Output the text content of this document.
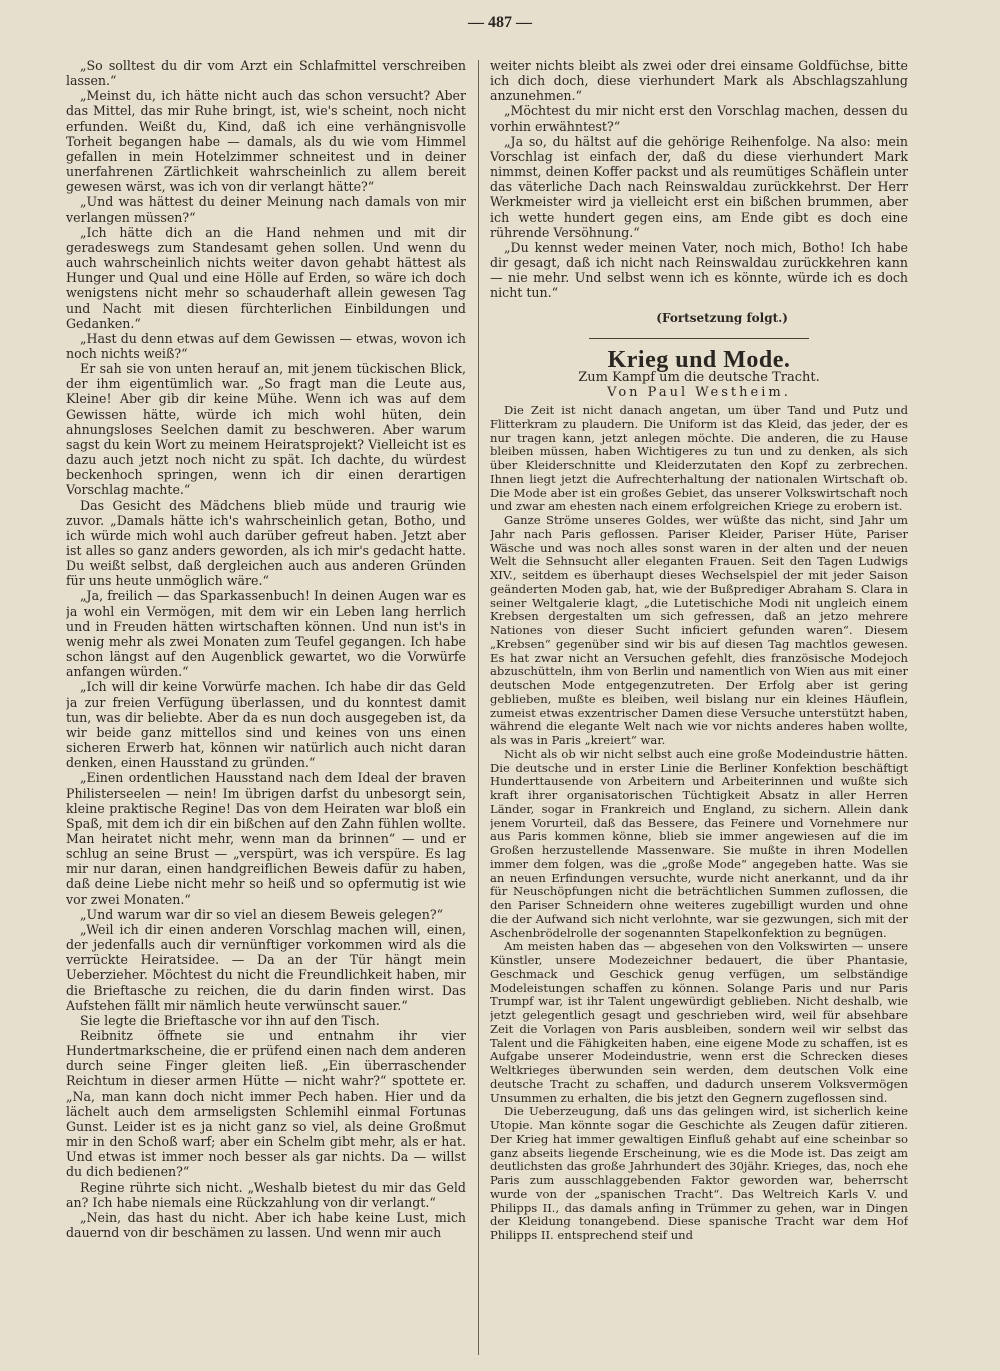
— 487 —

„So solltest du dir vom Arzt ein Schlafmittel verschreiben lassen.“

„Meinst du, ich hätte nicht auch das schon versucht? Aber das Mittel, das mir Ruhe bringt, ist, wie's scheint, noch nicht erfunden. Weißt du, Kind, daß ich eine verhängnisvolle Torheit begangen habe — damals, als du wie vom Himmel gefallen in mein Hotelzimmer schneitest und in deiner unerfahrenen Zärtlichkeit wahrscheinlich zu allem bereit gewesen wärst, was ich von dir verlangt hätte?“

„Und was hättest du deiner Meinung nach damals von mir verlangen müssen?“

„Ich hätte dich an die Hand nehmen und mit dir geradeswegs zum Standesamt gehen sollen. Und wenn du auch wahrscheinlich nichts weiter davon gehabt hättest als Hunger und Qual und eine Hölle auf Erden, so wäre ich doch wenigstens nicht mehr so schauderhaft allein gewesen Tag und Nacht mit diesen fürchterlichen Einbildungen und Gedanken.“

„Hast du denn etwas auf dem Gewissen — etwas, wovon ich noch nichts weiß?“

Er sah sie von unten herauf an, mit jenem tückischen Blick, der ihm eigentümlich war. „So fragt man die Leute aus, Kleine! Aber gib dir keine Mühe. Wenn ich was auf dem Gewissen hätte, würde ich mich wohl hüten, dein ahnungsloses Seelchen damit zu beschweren. Aber warum sagst du kein Wort zu meinem Heiratsprojekt? Vielleicht ist es dazu auch jetzt noch nicht zu spät. Ich dachte, du würdest beckenhoch springen, wenn ich dir einen derartigen Vorschlag machte.“

Das Gesicht des Mädchens blieb müde und traurig wie zuvor. „Damals hätte ich's wahrscheinlich getan, Botho, und ich würde mich wohl auch darüber gefreut haben. Jetzt aber ist alles so ganz anders geworden, als ich mir's gedacht hatte. Du weißt selbst, daß dergleichen auch aus anderen Gründen für uns heute unmöglich wäre.“

„Ja, freilich — das Sparkassenbuch! In deinen Augen war es ja wohl ein Vermögen, mit dem wir ein Leben lang herrlich und in Freuden hätten wirtschaften können. Und nun ist's in wenig mehr als zwei Monaten zum Teufel gegangen. Ich habe schon längst auf den Augenblick gewartet, wo die Vorwürfe anfangen würden.“

„Ich will dir keine Vorwürfe machen. Ich habe dir das Geld ja zur freien Verfügung überlassen, und du konntest damit tun, was dir beliebte. Aber da es nun doch ausgegeben ist, da wir beide ganz mittellos sind und keines von uns einen sicheren Erwerb hat, können wir natürlich auch nicht daran denken, einen Hausstand zu gründen.“

„Einen ordentlichen Hausstand nach dem Ideal der braven Philisterseelen — nein! Im übrigen darfst du unbesorgt sein, kleine praktische Regine! Das von dem Heiraten war bloß ein Spaß, mit dem ich dir ein bißchen auf den Zahn fühlen wollte. Man heiratet nicht mehr, wenn man da brinnen“ — und er schlug an seine Brust — „verspürt, was ich verspüre. Es lag mir nur daran, einen handgreiflichen Beweis dafür zu haben, daß deine Liebe nicht mehr so heiß und so opfermutig ist wie vor zwei Monaten.“

„Und warum war dir so viel an diesem Beweis gelegen?“

„Weil ich dir einen anderen Vorschlag machen will, einen, der jedenfalls auch dir vernünftiger vorkommen wird als die verrückte Heiratsidee. — Da an der Tür hängt mein Ueberzieher. Möchtest du nicht die Freundlichkeit haben, mir die Brieftasche zu reichen, die du darin finden wirst. Das Aufstehen fällt mir nämlich heute verwünscht sauer.“

Sie legte die Brieftasche vor ihn auf den Tisch.

Reibnitz öffnete sie und entnahm ihr vier Hundertmarkscheine, die er prüfend einen nach dem anderen durch seine Finger gleiten ließ. „Ein überraschender Reichtum in dieser armen Hütte — nicht wahr?“ spottete er. „Na, man kann doch nicht immer Pech haben. Hier und da lächelt auch dem armseligsten Schlemihl einmal Fortunas Gunst. Leider ist es ja nicht ganz so viel, als deine Großmut mir in den Schoß warf; aber ein Schelm gibt mehr, als er hat. Und etwas ist immer noch besser als gar nichts. Da — willst du dich bedienen?“

Regine rührte sich nicht. „Weshalb bietest du mir das Geld an? Ich habe niemals eine Rückzahlung von dir verlangt.“

„Nein, das hast du nicht. Aber ich habe keine Lust, mich dauernd von dir beschämen zu lassen. Und wenn mir auch

weiter nichts bleibt als zwei oder drei einsame Goldfüchse, bitte ich dich doch, diese vierhundert Mark als Abschlagszahlung anzunehmen.“

„Möchtest du mir nicht erst den Vorschlag machen, dessen du vorhin erwähntest?“

„Ja so, du hältst auf die gehörige Reihenfolge. Na also: mein Vorschlag ist einfach der, daß du diese vierhundert Mark nimmst, deinen Koffer packst und als reumütiges Schäflein unter das väterliche Dach nach Reinswaldau zurückkehrst. Der Herr Werkmeister wird ja vielleicht erst ein bißchen brummen, aber ich wette hundert gegen eins, am Ende gibt es doch eine rührende Versöhnung.“

„Du kennst weder meinen Vater, noch mich, Botho! Ich habe dir gesagt, daß ich nicht nach Reinswaldau zurückkehren kann — nie mehr. Und selbst wenn ich es könnte, würde ich es doch nicht tun.“

(Fortsetzung folgt.)
Krieg und Mode.
Zum Kampf um die deutsche Tracht.
Von Paul Westheim.

Die Zeit ist nicht danach angetan, um über Tand und Putz und Flitterkram zu plaudern. Die Uniform ist das Kleid, das jeder, der es nur tragen kann, jetzt anlegen möchte. Die anderen, die zu Hause bleiben müssen, haben Wichtigeres zu tun und zu denken, als sich über Kleiderschnitte und Kleiderzutaten den Kopf zu zerbrechen. Ihnen liegt jetzt die Aufrechterhaltung der nationalen Wirtschaft ob. Die Mode aber ist ein großes Gebiet, das unserer Volkswirtschaft noch und zwar am ehesten nach einem erfolgreichen Kriege zu erobern ist.

Ganze Ströme unseres Goldes, wer wüßte das nicht, sind Jahr um Jahr nach Paris geflossen. Pariser Kleider, Pariser Hüte, Pariser Wäsche und was noch alles sonst waren in der alten und der neuen Welt die Sehnsucht aller eleganten Frauen. Seit den Tagen Ludwigs XIV., seitdem es überhaupt dieses Wechselspiel der mit jeder Saison geänderten Moden gab, hat, wie der Bußprediger Abraham S. Clara in seiner Weltgalerie klagt, „die Lutetischiche Modi nit ungleich einem Krebsen dergestalten um sich gefressen, daß an jetzo mehrere Nationes von dieser Sucht inficiert gefunden waren“. Diesem „Krebsen“ gegenüber sind wir bis auf diesen Tag machtlos gewesen. Es hat zwar nicht an Versuchen gefehlt, dies französische Modejoch abzuschütteln, ihm von Berlin und namentlich von Wien aus mit einer deutschen Mode entgegenzutreten. Der Erfolg aber ist gering geblieben, mußte es bleiben, weil bislang nur ein kleines Häuflein, zumeist etwas exzentrischer Damen diese Versuche unterstützt haben, während die elegante Welt nach wie vor nichts anderes haben wollte, als was in Paris „kreiert“ war.

Nicht als ob wir nicht selbst auch eine große Modeindustrie hätten. Die deutsche und in erster Linie die Berliner Konfektion beschäftigt Hunderttausende von Arbeitern und Arbeiterinnen und wußte sich kraft ihrer organisatorischen Tüchtigkeit Absatz in aller Herren Länder, sogar in Frankreich und England, zu sichern. Allein dank jenem Vorurteil, daß das Bessere, das Feinere und Vornehmere nur aus Paris kommen könne, blieb sie immer angewiesen auf die im Großen herzustellende Massenware. Sie mußte in ihren Modellen immer dem folgen, was die „große Mode“ angegeben hatte. Was sie an neuen Erfindungen versuchte, wurde nicht anerkannt, und da ihr für Neuschöpfungen nicht die beträchtlichen Summen zuflossen, die den Pariser Schneidern ohne weiteres zugebilligt wurden und ohne die der Aufwand sich nicht verlohnte, war sie gezwungen, sich mit der Aschenbrödelrolle der sogenannten Stapelkonfektion zu begnügen.

Am meisten haben das — abgesehen von den Volkswirten — unsere Künstler, unsere Modezeichner bedauert, die über Phantasie, Geschmack und Geschick genug verfügen, um selbständige Modeleistungen schaffen zu können. Solange Paris und nur Paris Trumpf war, ist ihr Talent ungewürdigt geblieben. Nicht deshalb, wie jetzt gelegentlich gesagt und geschrieben wird, weil für absehbare Zeit die Vorlagen von Paris ausbleiben, sondern weil wir selbst das Talent und die Fähigkeiten haben, eine eigene Mode zu schaffen, ist es Aufgabe unserer Modeindustrie, wenn erst die Schrecken dieses Weltkrieges überwunden sein werden, dem deutschen Volk eine deutsche Tracht zu schaffen, und dadurch unserem Volksvermögen Unsummen zu erhalten, die bis jetzt den Gegnern zugeflossen sind.

Die Ueberzeugung, daß uns das gelingen wird, ist sicherlich keine Utopie. Man könnte sogar die Geschichte als Zeugen dafür zitieren. Der Krieg hat immer gewaltigen Einfluß gehabt auf eine scheinbar so ganz abseits liegende Erscheinung, wie es die Mode ist. Das zeigt am deutlichsten das große Jahrhundert des 30jähr. Krieges, das, noch ehe Paris zum ausschlaggebenden Faktor geworden war, beherrscht wurde von der „spanischen Tracht“. Das Weltreich Karls V. und Philipps II., das damals anfing in Trümmer zu gehen, war in Dingen der Kleidung tonangebend. Diese spanische Tracht war dem Hof Philipps II. entsprechend steif und
